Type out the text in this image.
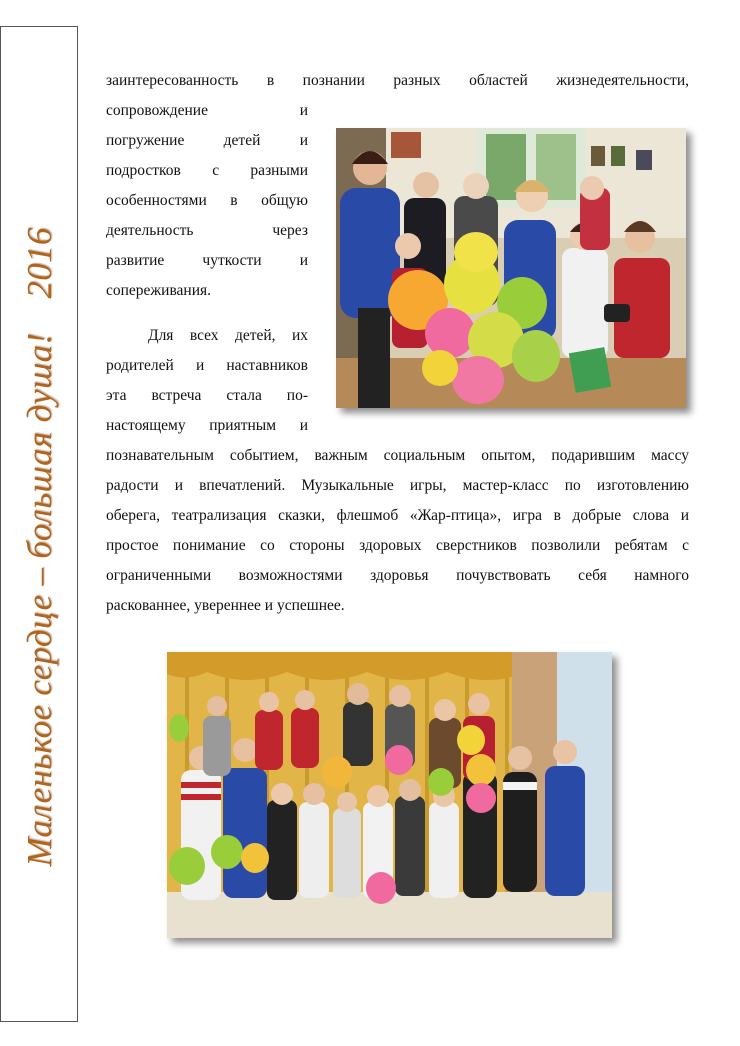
Маленькое сердце – большая душа!2016
заинтересованность в познании разных областей жизнедеятельности,
сопровождение и
погружение детей и
подростков с разными
особенностями в общую
деятельность через
развитие чуткости и
сопереживания.
Для всех детей, их
родителей и наставников
эта встреча стала по-
настоящему приятным и
познавательным событием, важным социальным опытом, подарившим массу
радости и впечатлений. Музыкальные игры, мастер-класс по изготовлению
оберега, театрализация сказки, флешмоб «Жар-птица», игра в добрые слова и
простое понимание со стороны здоровых сверстников позволили ребятам с
ограниченными возможностями здоровья почувствовать себя намного
раскованнее, увереннее и успешнее.
